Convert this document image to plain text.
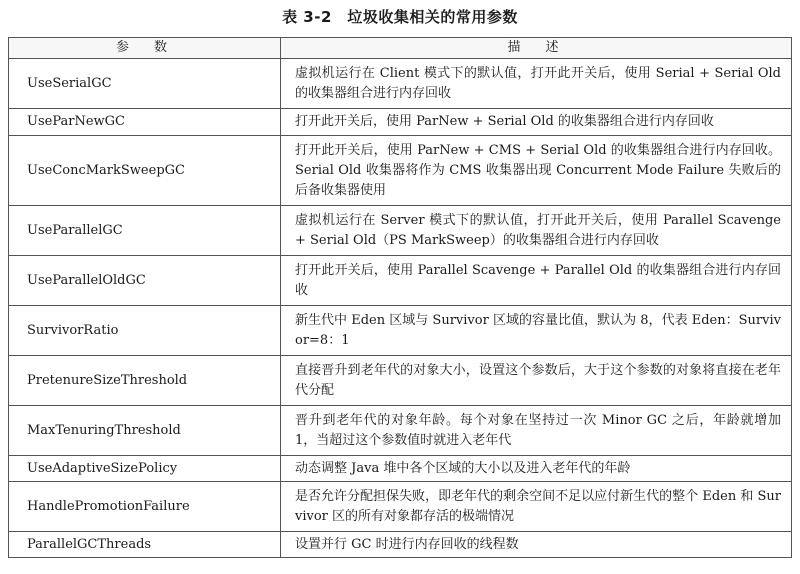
表 3-2　垃圾收集相关的常用参数
参　数	描　述
UseSerialGC	虚拟机运行在 Client 模式下的默认值，打开此开关后，使用 Serial + Serial Old 的收集器组合进行内存回收
UseParNewGC	打开此开关后，使用 ParNew + Serial Old 的收集器组合进行内存回收
UseConcMarkSweepGC	打开此开关后，使用 ParNew + CMS + Serial Old 的收集器组合进行内存回收。Serial Old 收集器将作为 CMS 收集器出现 Concurrent Mode Failure 失败后的后备收集器使用
UseParallelGC	虚拟机运行在 Server 模式下的默认值，打开此开关后，使用 Parallel Scavenge + Serial Old（PS MarkSweep）的收集器组合进行内存回收
UseParallelOldGC	打开此开关后，使用 Parallel Scavenge + Parallel Old 的收集器组合进行内存回收
SurvivorRatio	新生代中 Eden 区域与 Survivor 区域的容量比值，默认为 8，代表 Eden：Survivor=8：1
PretenureSizeThreshold	直接晋升到老年代的对象大小，设置这个参数后，大于这个参数的对象将直接在老年代分配
MaxTenuringThreshold	晋升到老年代的对象年龄。每个对象在坚持过一次 Minor GC 之后，年龄就增加 1，当超过这个参数值时就进入老年代
UseAdaptiveSizePolicy	动态调整 Java 堆中各个区域的大小以及进入老年代的年龄
HandlePromotionFailure	是否允许分配担保失败，即老年代的剩余空间不足以应付新生代的整个 Eden 和 Survivor 区的所有对象都存活的极端情况
ParallelGCThreads	设置并行 GC 时进行内存回收的线程数
